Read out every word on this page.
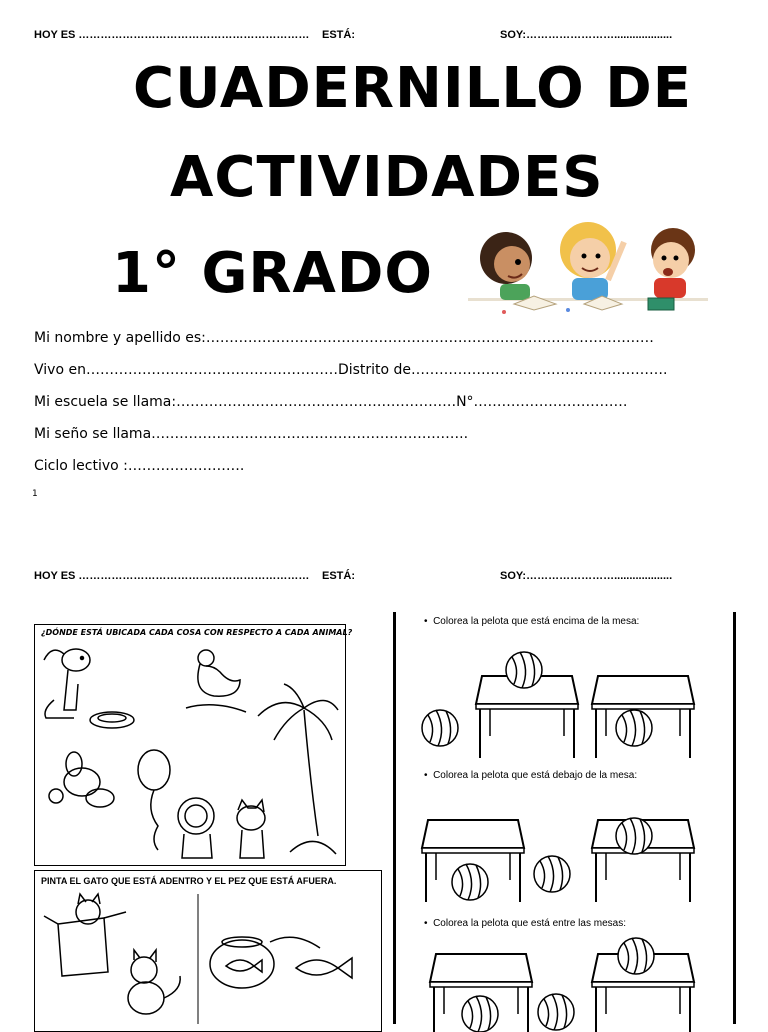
HOY ES ……………………………………………………… ESTÁ:	SOY:……………………...................
CUADERNILLO DE
ACTIVIDADES
1° GRADO
Mi nombre y apellido es:……………………………………………………………………………………
Vivo en………………………………………………Distrito de……………………………………………….
Mi escuela se llama:……………………………………………………N°……………………………
Mi seño se llama…………………………………………………………..
Ciclo lectivo :…………………….
1
HOY ES ……………………………………………………… ESTÁ:	SOY:……………………...................
¿DÓNDE ESTÁ UBICADA CADA COSA CON RESPECTO A CADA ANIMAL?
PINTA EL GATO QUE ESTÁ ADENTRO Y EL PEZ QUE ESTÁ AFUERA.
• Colorea la pelota que está encima de la mesa:
• Colorea la pelota que está debajo de la mesa:
• Colorea la pelota que está entre las mesas:
